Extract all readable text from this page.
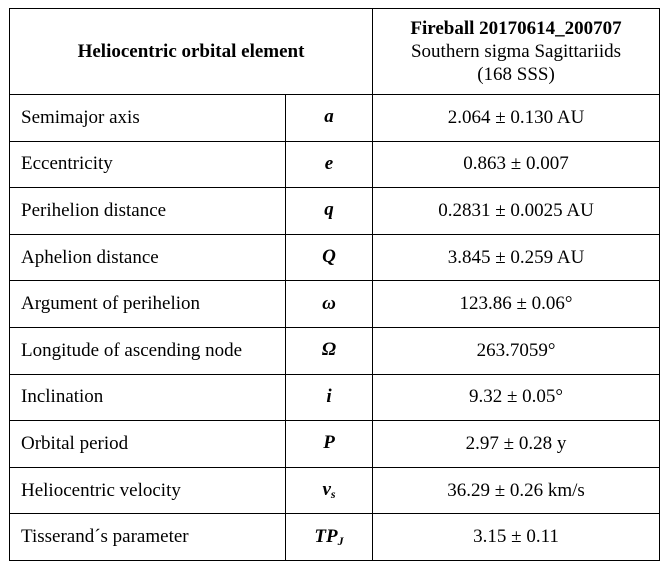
Heliocentric orbital element		Fireball 20170614_200707
Southern sigma Sagittariids
(168 SSS)

Semimajor axis	a	2.064 ± 0.130 AU
Eccentricity	e	0.863 ± 0.007
Perihelion distance	q	0.2831 ± 0.0025 AU
Aphelion distance	Q	3.845 ± 0.259 AU
Argument of perihelion	ω	123.86 ± 0.06°
Longitude of ascending node	Ω	263.7059°
Inclination	i	9.32 ± 0.05°
Orbital period	P	2.97 ± 0.28 y
Heliocentric velocity	$v_s$	36.29 ± 0.26 km/s
Tisserand´s parameter	$TP_J$	3.15 ± 0.11
